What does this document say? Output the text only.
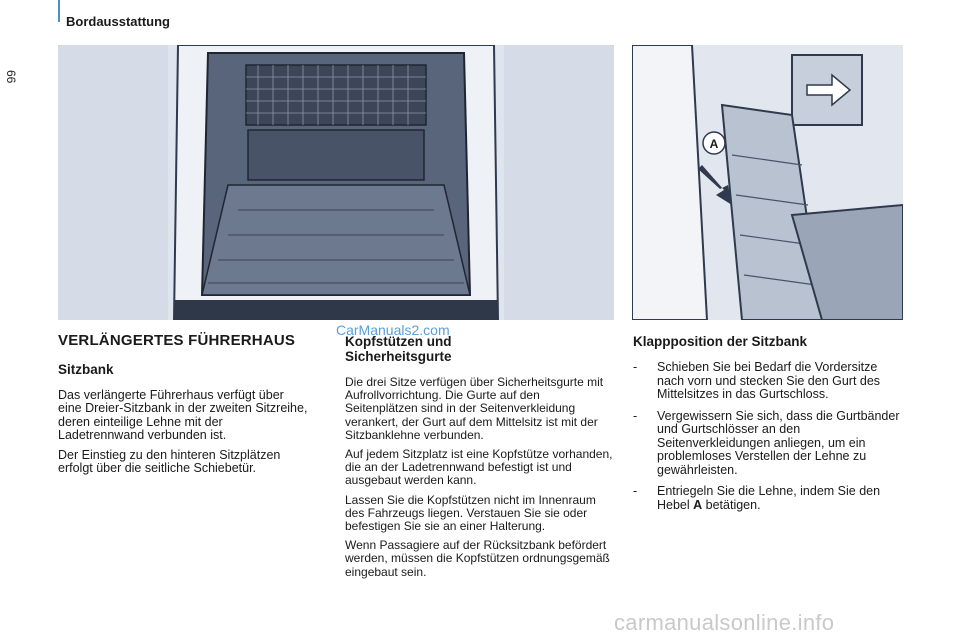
66
Bordausstattung
A
CarManuals2.com
VERLÄNGERTES FÜHRERHAUS
Sitzbank

Das verlängerte Führerhaus verfügt über eine Dreier-Sitzbank in der zweiten Sitzreihe, deren einteilige Lehne mit der Ladetrennwand verbunden ist.

Der Einstieg zu den hinteren Sitzplätzen erfolgt über die seitliche Schiebetür.

Kopfstützen und Sicherheitsgurte

Die drei Sitze verfügen über Sicherheitsgurte mit Aufrollvorrichtung. Die Gurte auf den Seitenplätzen sind in der Seitenverkleidung verankert, der Gurt auf dem Mittelsitz ist mit der Sitzbanklehne verbunden.

Auf jedem Sitzplatz ist eine Kopfstütze vorhanden, die an der Ladetrennwand befestigt ist und ausgebaut werden kann.

Lassen Sie die Kopfstützen nicht im Innenraum des Fahrzeugs liegen. Verstauen Sie sie oder befestigen Sie sie an einer Halterung.

Wenn Passagiere auf der Rücksitzbank befördert werden, müssen die Kopfstützen ordnungsgemäß eingebaut sein.

Klappposition der Sitzbank
- Schieben Sie bei Bedarf die Vordersitze nach vorn und stecken Sie den Gurt des Mittelsitzes in das Gurtschloss.
- Vergewissern Sie sich, dass die Gurtbänder und Gurtschlösser an den Seitenverkleidungen anliegen, um ein problemloses Verstellen der Lehne zu gewährleisten.
- Entriegeln Sie die Lehne, indem Sie den Hebel A betätigen.
carmanualsonline.info
